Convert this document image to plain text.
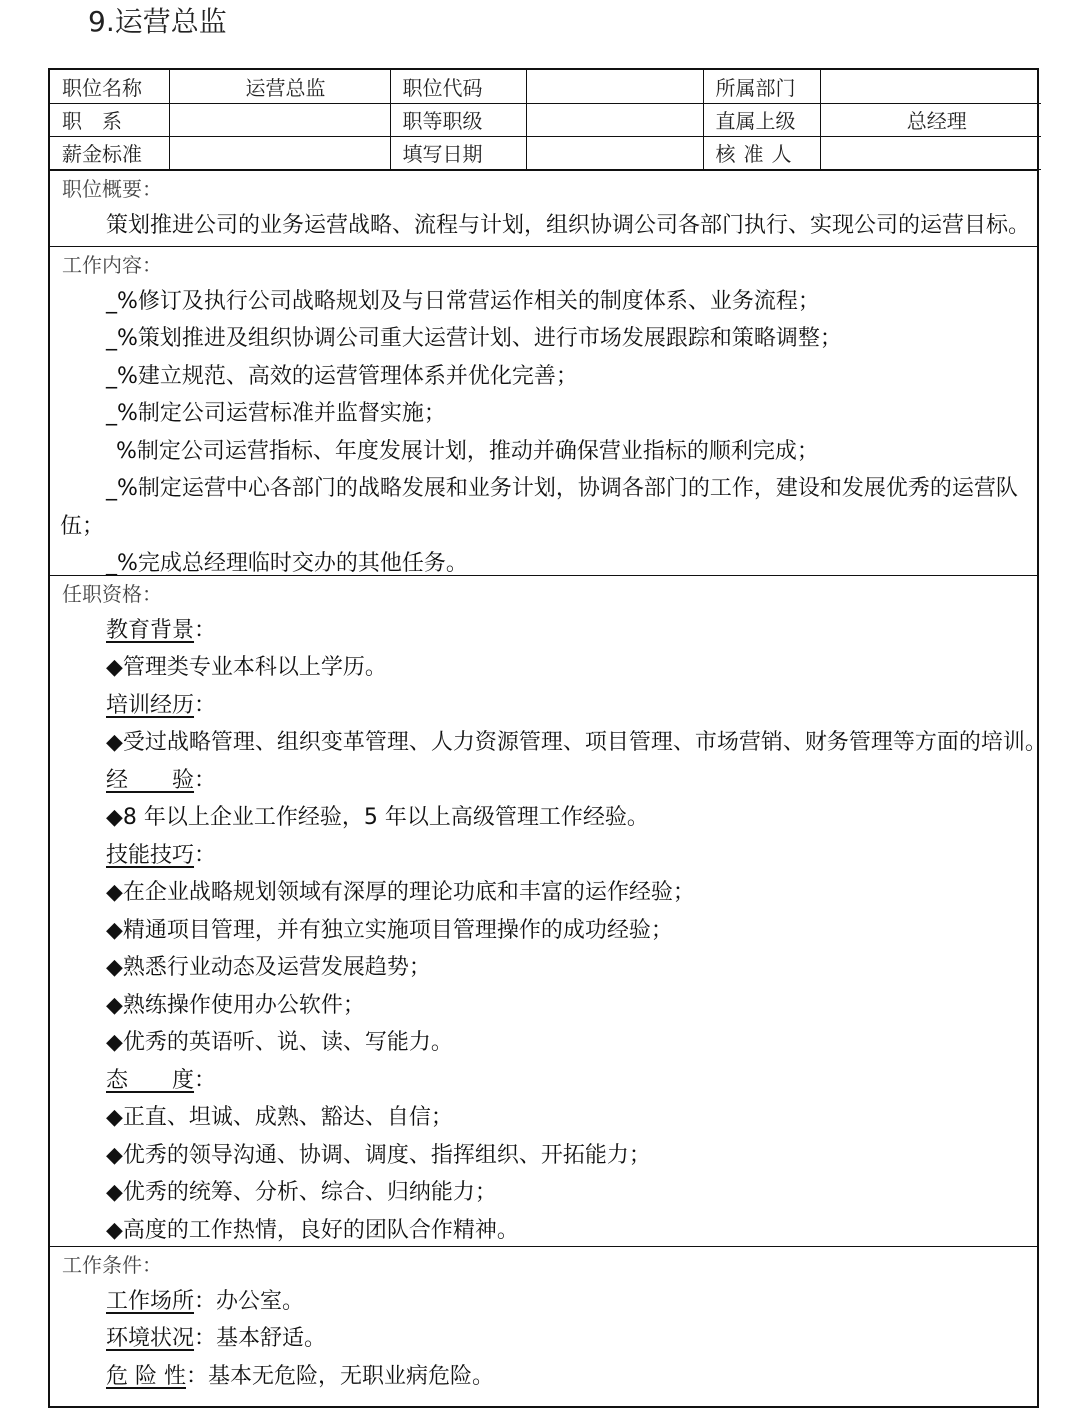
9.运营总监
职位名称	运营总监	职位代码		所属部门	
职　系		职等职级		直属上级	总经理
薪金标准		填写日期		核准人	
职位概要：
策划推进公司的业务运营战略、流程与计划，组织协调公司各部门执行、实现公司的运营目标。
工作内容：
_%修订及执行公司战略规划及与日常营运作相关的制度体系、业务流程；
_%策划推进及组织协调公司重大运营计划、进行市场发展跟踪和策略调整；
_%建立规范、高效的运营管理体系并优化完善；
_%制定公司运营标准并监督实施；
%制定公司运营指标、年度发展计划，推动并确保营业指标的顺利完成；
_%制定运营中心各部门的战略发展和业务计划，协调各部门的工作，建设和发展优秀的运营队
伍；
_%完成总经理临时交办的其他任务。
任职资格：
教育背景：
◆管理类专业本科以上学历。
培训经历：
◆受过战略管理、组织变革管理、人力资源管理、项目管理、市场营销、财务管理等方面的培训。
经　　验：
◆8 年以上企业工作经验，5 年以上高级管理工作经验。
技能技巧：
◆在企业战略规划领域有深厚的理论功底和丰富的运作经验；
◆精通项目管理，并有独立实施项目管理操作的成功经验；
◆熟悉行业动态及运营发展趋势；
◆熟练操作使用办公软件；
◆优秀的英语听、说、读、写能力。
态　　度：
◆正直、坦诚、成熟、豁达、自信；
◆优秀的领导沟通、协调、调度、指挥组织、开拓能力；
◆优秀的统筹、分析、综合、归纳能力；
◆高度的工作热情，良好的团队合作精神。
工作条件：
工作场所：办公室。
环境状况：基本舒适。
危 险 性：基本无危险，无职业病危险。
